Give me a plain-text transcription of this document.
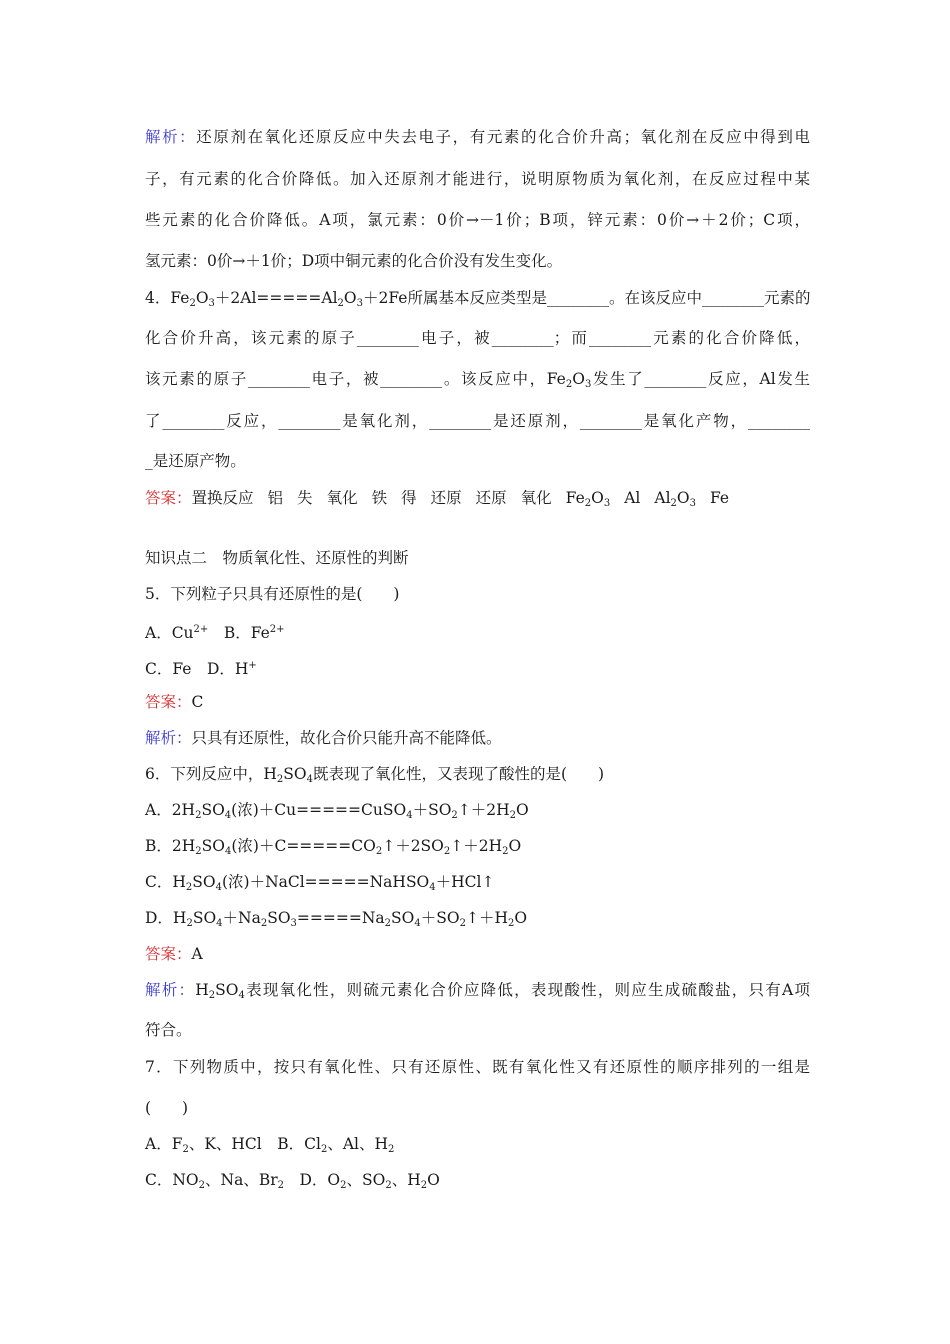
解析：还原剂在氧化还原反应中失去电子，有元素的化合价升高；氧化剂在反应中得到电
子，有元素的化合价降低。加入还原剂才能进行，说明原物质为氧化剂，在反应过程中某
些元素的化合价降低。A项，氯元素：0价→－1价；B项，锌元素：0价→＋2价；C项，
氢元素：0价→＋1价；D项中铜元素的化合价没有发生变化。
4．$Fe_2O_3+2Al=====Al_2O_3+2Fe$所属基本反应类型是________。在该反应中________元素的
化合价升高，该元素的原子________电子，被________；而________元素的化合价降低，
该元素的原子________电子，被________。该反应中，$Fe_2O_3$发生了________反应，Al发生
了________反应，________是氧化剂，________是还原剂，________是氧化产物，________
_是还原产物。
答案：置换反应 铝 失 氧化 铁 得 还原 还原 氧化 $Fe_2O_3$ Al $Al_2O_3$ Fe
知识点二　物质氧化性、还原性的判断
5．下列粒子只具有还原性的是(　　)
A．$Cu^{2+}$　 B．$Fe^{2+}$
C．Fe　 D．H+
答案：C
解析：只具有还原性，故化合价只能升高不能降低。
6．下列反应中，$H_2SO_4$既表现了氧化性，又表现了酸性的是(　　)
A．$2H_2SO_4$(浓)$+Cu=====CuSO_4+SO_2↑+2H_2O$
B．$2H_2SO_4$(浓)$+C=====CO_2↑+2SO_2↑+2H_2O$
C．$H_2SO_4$(浓)＋NaCl=====NaHSO$_4$＋HCl↑
D．$H_2SO_4+Na_2SO_3=====Na_2SO_4+SO_2↑+H_2O$
答案：A
解析：$H_2SO_4$表现氧化性，则硫元素化合价应降低，表现酸性，则应生成硫酸盐，只有A项
符合。
7．下列物质中，按只有氧化性、只有还原性、既有氧化性又有还原性的顺序排列的一组是
(　　)
A．$F_2$、K、HCl　B．$Cl_2$、Al、$H_2$
C．$NO_2$、Na、$Br_2$　D．$O_2$、$SO_2$、$H_2O$
